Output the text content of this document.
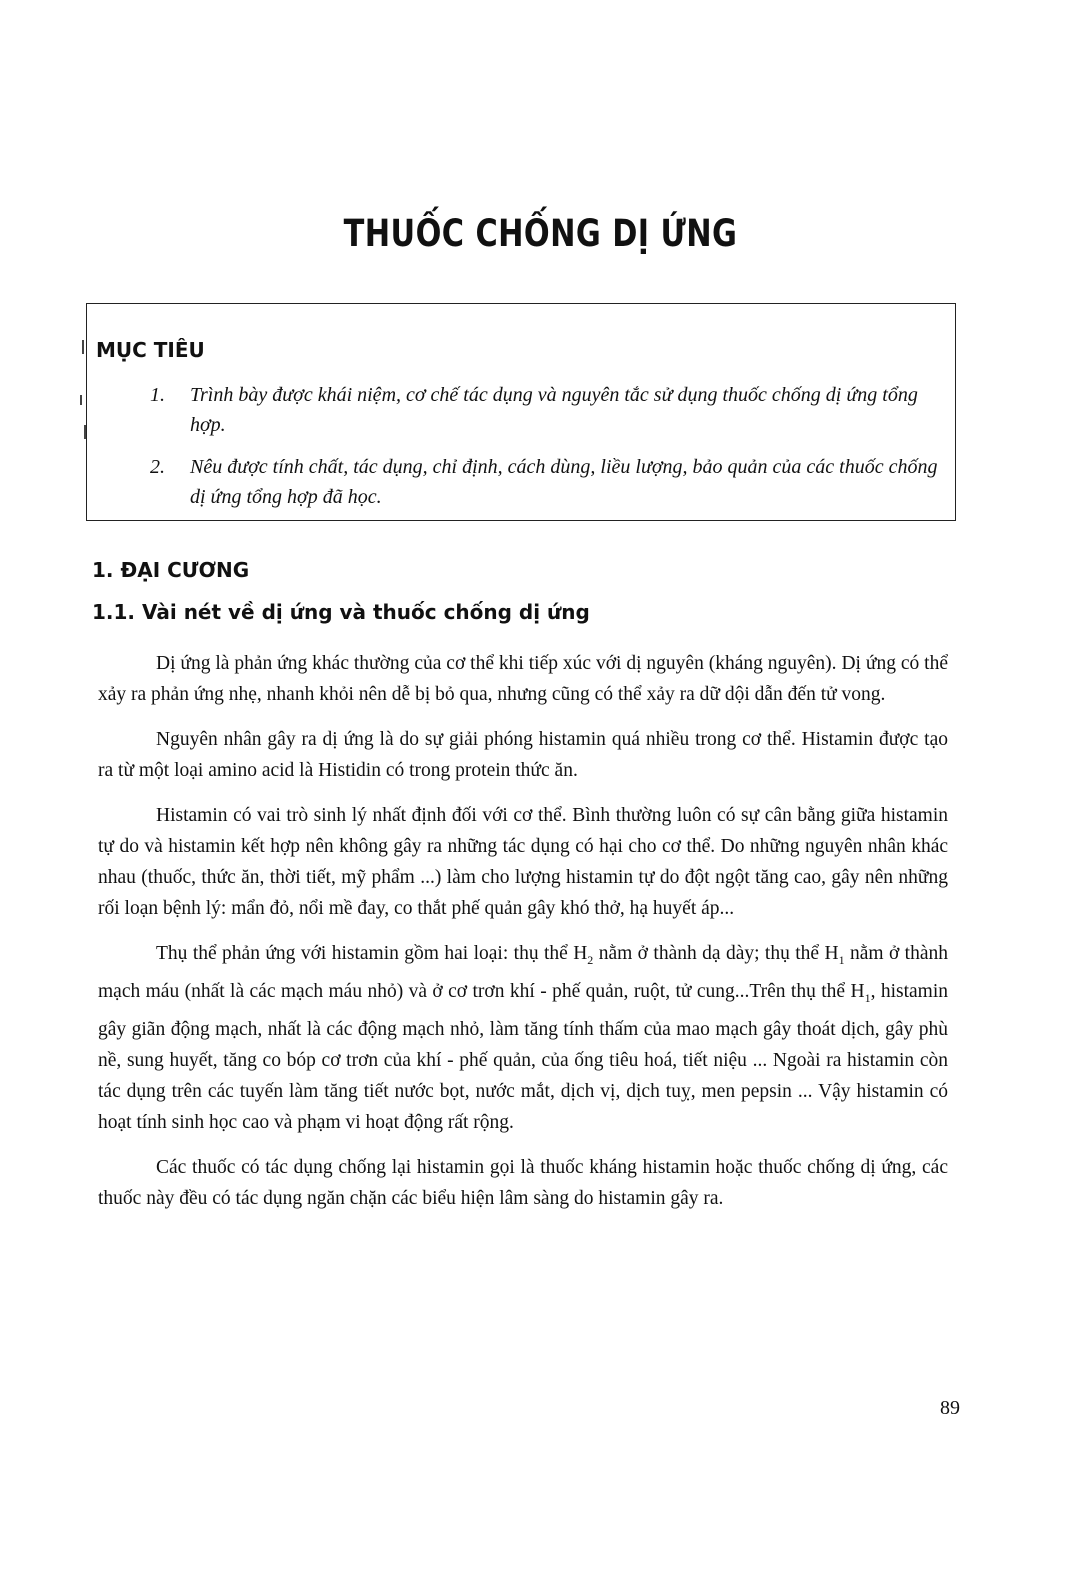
THUỐC CHỐNG DỊ ỨNG
MỤC TIÊU
1. Trình bày được khái niệm, cơ chế tác dụng và nguyên tắc sử dụng thuốc chống dị ứng tổng hợp.
2. Nêu được tính chất, tác dụng, chỉ định, cách dùng, liều lượng, bảo quản của các thuốc chống dị ứng tổng hợp đã học.
1. ĐẠI CƯƠNG
1.1. Vài nét về dị ứng và thuốc chống dị ứng

Dị ứng là phản ứng khác thường của cơ thể khi tiếp xúc với dị nguyên (kháng nguyên). Dị ứng có thể xảy ra phản ứng nhẹ, nhanh khỏi nên dễ bị bỏ qua, nhưng cũng có thể xảy ra dữ dội dẫn đến tử vong.

Nguyên nhân gây ra dị ứng là do sự giải phóng histamin quá nhiều trong cơ thể. Histamin được tạo ra từ một loại amino acid là Histidin có trong protein thức ăn.

Histamin có vai trò sinh lý nhất định đối với cơ thể. Bình thường luôn có sự cân bằng giữa histamin tự do và histamin kết hợp nên không gây ra những tác dụng có hại cho cơ thể. Do những nguyên nhân khác nhau (thuốc, thức ăn, thời tiết, mỹ phẩm ...) làm cho lượng histamin tự do đột ngột tăng cao, gây nên những rối loạn bệnh lý: mẩn đỏ, nổi mề đay, co thắt phế quản gây khó thở, hạ huyết áp...

Thụ thể phản ứng với histamin gồm hai loại: thụ thể $H_2$ nằm ở thành dạ dày; thụ thể $H_1$ nằm ở thành mạch máu (nhất là các mạch máu nhỏ) và ở cơ trơn khí - phế quản, ruột, tử cung...Trên thụ thể $H_1$, histamin gây giãn động mạch, nhất là các động mạch nhỏ, làm tăng tính thấm của mao mạch gây thoát dịch, gây phù nề, sung huyết, tăng co bóp cơ trơn của khí - phế quản, của ống tiêu hoá, tiết niệu ... Ngoài ra histamin còn tác dụng trên các tuyến làm tăng tiết nước bọt, nước mắt, dịch vị, dịch tuỵ, men pepsin ... Vậy histamin có hoạt tính sinh học cao và phạm vi hoạt động rất rộng.

Các thuốc có tác dụng chống lại histamin gọi là thuốc kháng histamin hoặc thuốc chống dị ứng, các thuốc này đều có tác dụng ngăn chặn các biểu hiện lâm sàng do histamin gây ra.

89
